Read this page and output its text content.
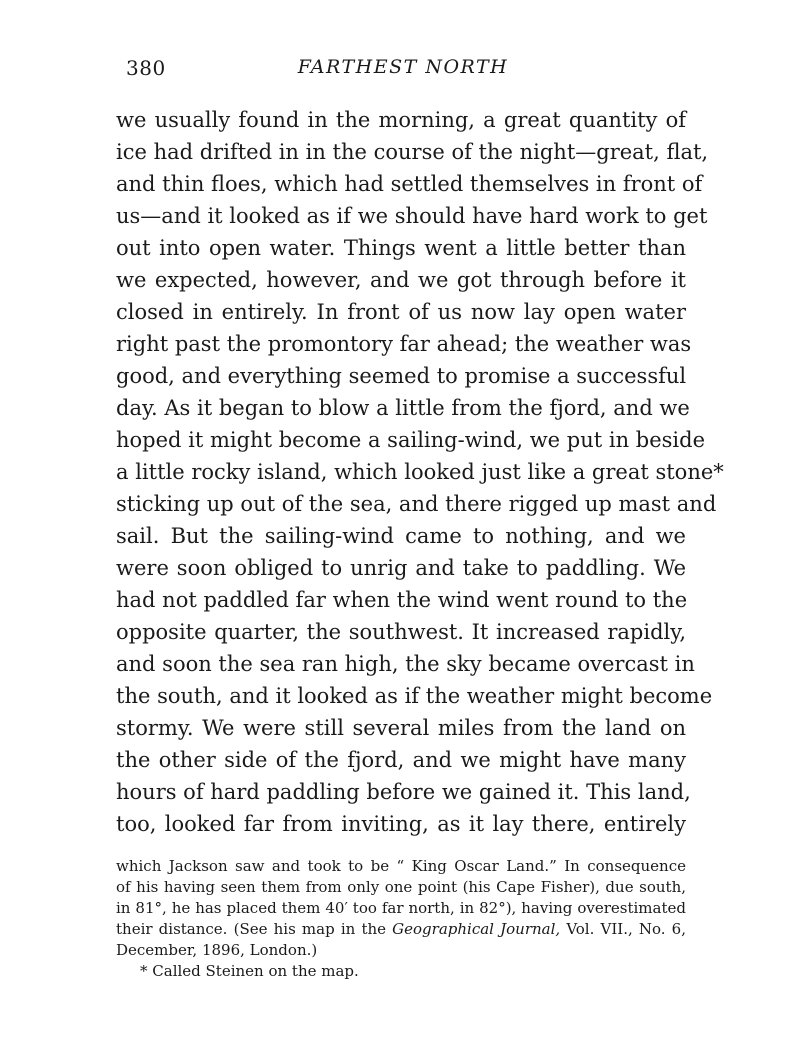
380	FARTHEST NORTH
we usually found in the morning, a great quantity of
ice had drifted in in the course of the night—great, flat,
and thin floes, which had settled themselves in front of
us—and it looked as if we should have hard work to get
out into open water. Things went a little better than
we expected, however, and we got through before it
closed in entirely. In front of us now lay open water
right past the promontory far ahead; the weather was
good, and everything seemed to promise a successful
day. As it began to blow a little from the fjord, and we
hoped it might become a sailing-wind, we put in beside
a little rocky island, which looked just like a great stone*
sticking up out of the sea, and there rigged up mast and
sail. But the sailing-wind came to nothing, and we
were soon obliged to unrig and take to paddling. We
had not paddled far when the wind went round to the
opposite quarter, the southwest. It increased rapidly,
and soon the sea ran high, the sky became overcast in
the south, and it looked as if the weather might become
stormy. We were still several miles from the land on
the other side of the fjord, and we might have many
hours of hard paddling before we gained it. This land,
too, looked far from inviting, as it lay there, entirely
which Jackson saw and took to be “ King Oscar Land.” In consequence
of his having seen them from only one point (his Cape Fisher), due south,
in 81°, he has placed them 40′ too far north, in 82°), having overestimated
their distance. (See his map in the Geographical Journal, Vol. VII., No. 6,
December, 1896, London.)
* Called Steinen on the map.
